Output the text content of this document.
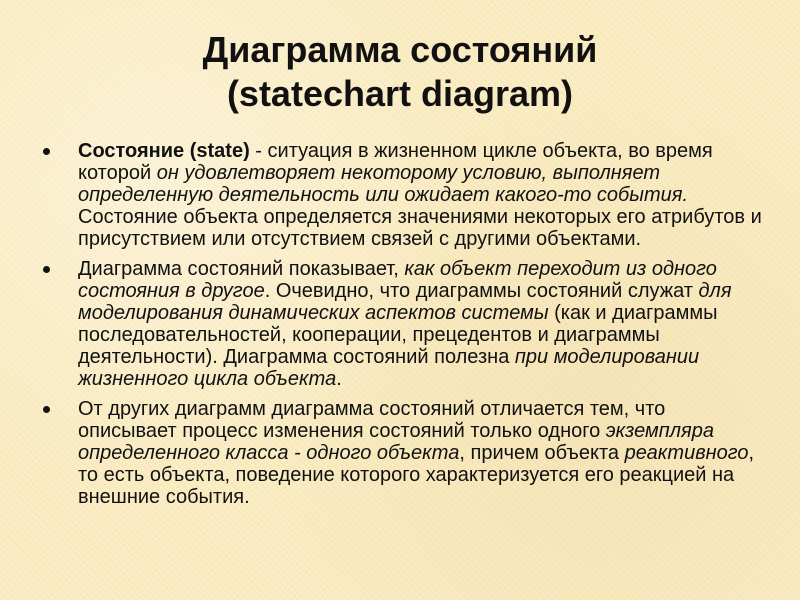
Диаграмма состояний
(statechart diagram)
Состояние (state) - ситуация в жизненном цикле объекта, во время которой он удовлетворяет некоторому условию, выполняет определенную деятельность или ожидает какого-то события. Состояние объекта определяется значениями некоторых его атрибутов и присутствием или отсутствием связей с другими объектами.
Диаграмма состояний показывает, как объект переходит из одного состояния в другое. Очевидно, что диаграммы состояний служат для моделирования динамических аспектов системы (как и диаграммы последовательностей, кооперации, прецедентов и диаграммы деятельности). Диаграмма состояний полезна при моделировании жизненного цикла объекта.
От других диаграмм диаграмма состояний отличается тем, что описывает процесс изменения состояний только одного экземпляра определенного класса - одного объекта, причем объекта реактивного, то есть объекта, поведение которого характеризуется его реакцией на внешние события.
